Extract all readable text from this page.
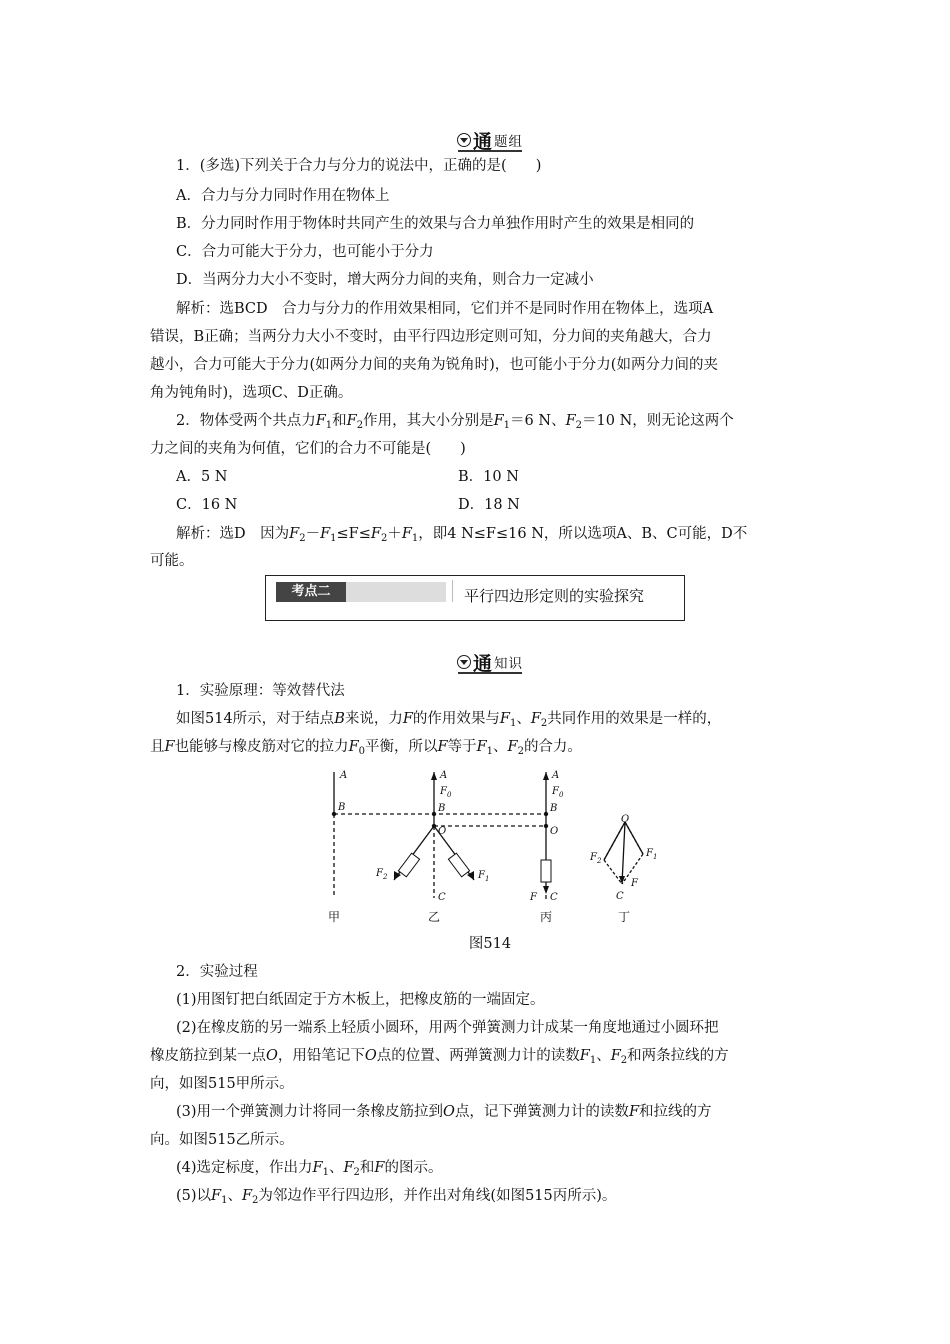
通 题组
1．(多选)下列关于合力与分力的说法中，正确的是(　　)
A．合力与分力同时作用在物体上
B．分力同时作用于物体时共同产生的效果与合力单独作用时产生的效果是相同的
C．合力可能大于分力，也可能小于分力
D．当两分力大小不变时，增大两分力间的夹角，则合力一定减小
解析：选BCD　合力与分力的作用效果相同，它们并不是同时作用在物体上，选项A
错误，B正确；当两分力大小不变时，由平行四边形定则可知，分力间的夹角越大，合力
越小，合力可能大于分力(如两分力间的夹角为锐角时)，也可能小于分力(如两分力间的夹
角为钝角时)，选项C、D正确。
2．物体受两个共点力$F_1$和$F_2$作用，其大小分别是$F_1=6$ N、$F_2=10$ N，则无论这两个
力之间的夹角为何值，它们的合力不可能是(　　)
A．5 N	B．10 N
C．16 N	D．18 N
解析：选D　因为$F_2-F_1\le F\le F_2+F_1$，即4 N≤F≤16 N，所以选项A、B、C可能，D不
可能。
考点二	平行四边形定则的实验探究
通 知识
1．实验原理：等效替代法
如图514所示，对于结点B来说，力F的作用效果与$F_1$、$F_2$共同作用的效果是一样的，
且F也能够与橡皮筋对它的拉力$F_0$平衡，所以F等于$F_1$、$F_2$的合力。
A
B
A
F 0
B
O
F 2	F 1
C
A
F 0
B
O
F C
O
F 2
F 1
F
C
甲	乙	丙	丁
图514
2．实验过程
(1)用图钉把白纸固定于方木板上，把橡皮筋的一端固定。
(2)在橡皮筋的另一端系上轻质小圆环，用两个弹簧测力计成某一角度地通过小圆环把
橡皮筋拉到某一点O，用铅笔记下O点的位置、两弹簧测力计的读数$F_1$、$F_2$和两条拉线的方
向，如图515甲所示。
(3)用一个弹簧测力计将同一条橡皮筋拉到O点，记下弹簧测力计的读数F和拉线的方
向。如图515乙所示。
(4)选定标度，作出力$F_1$、$F_2$和F的图示。
(5)以$F_1$、$F_2$为邻边作平行四边形，并作出对角线(如图515丙所示)。
